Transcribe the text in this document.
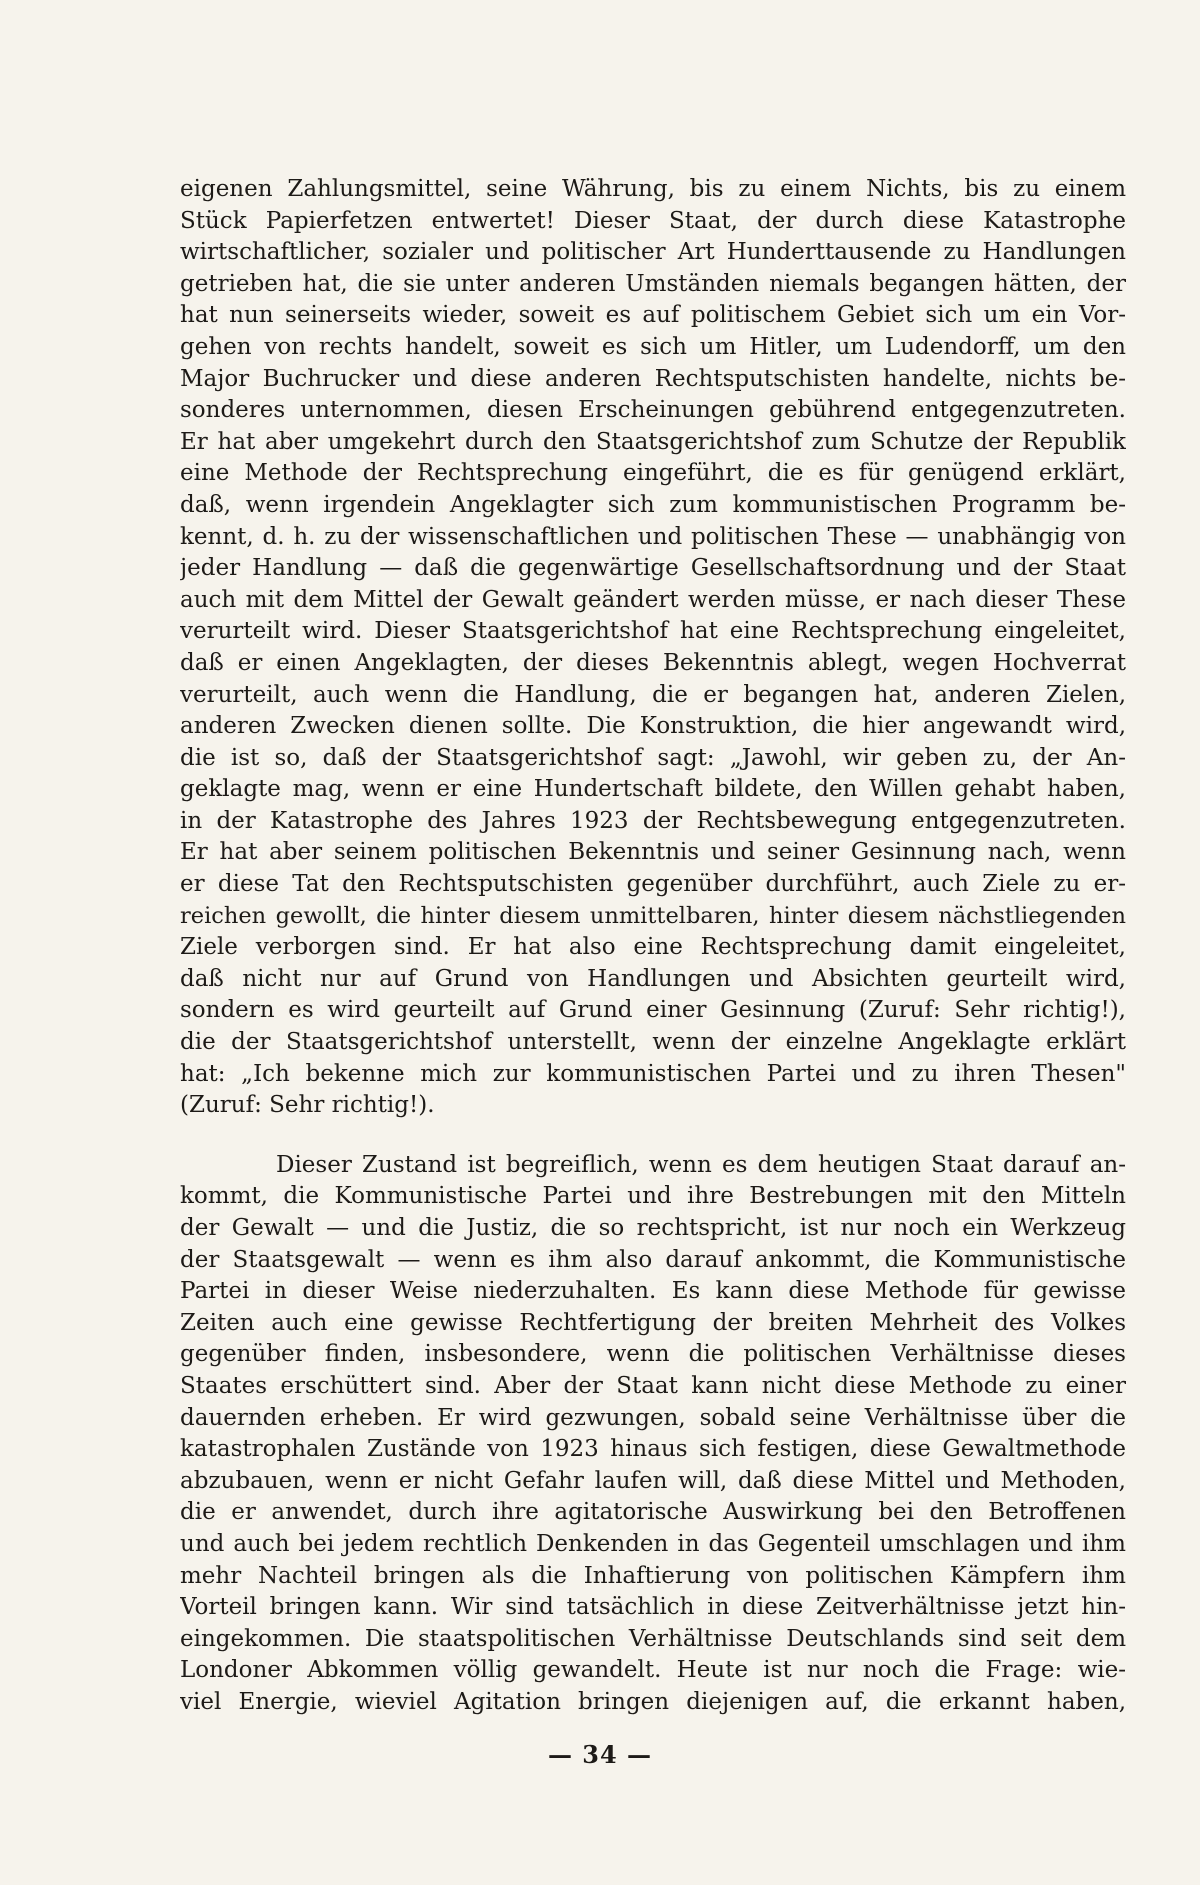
eigenen Zahlungsmittel, seine Währung, bis zu einem Nichts, bis zu einem
Stück Papierfetzen entwertet! Dieser Staat, der durch diese Katastrophe
wirtschaftlicher, sozialer und politischer Art Hunderttausende zu Handlungen
getrieben hat, die sie unter anderen Umständen niemals begangen hätten, der
hat nun seinerseits wieder, soweit es auf politischem Gebiet sich um ein Vor-
gehen von rechts handelt, soweit es sich um Hitler, um Ludendorff, um den
Major Buchrucker und diese anderen Rechtsputschisten handelte, nichts be-
sonderes unternommen, diesen Erscheinungen gebührend entgegenzutreten.
Er hat aber umgekehrt durch den Staatsgerichtshof zum Schutze der Republik
eine Methode der Rechtsprechung eingeführt, die es für genügend erklärt,
daß, wenn irgendein Angeklagter sich zum kommunistischen Programm be-
kennt, d. h. zu der wissenschaftlichen und politischen These — unabhängig von
jeder Handlung — daß die gegenwärtige Gesellschaftsordnung und der Staat
auch mit dem Mittel der Gewalt geändert werden müsse, er nach dieser These
verurteilt wird. Dieser Staatsgerichtshof hat eine Rechtsprechung eingeleitet,
daß er einen Angeklagten, der dieses Bekenntnis ablegt, wegen Hochverrat
verurteilt, auch wenn die Handlung, die er begangen hat, anderen Zielen,
anderen Zwecken dienen sollte. Die Konstruktion, die hier angewandt wird,
die ist so, daß der Staatsgerichtshof sagt: „Jawohl, wir geben zu, der An-
geklagte mag, wenn er eine Hundertschaft bildete, den Willen gehabt haben,
in der Katastrophe des Jahres 1923 der Rechtsbewegung entgegenzutreten.
Er hat aber seinem politischen Bekenntnis und seiner Gesinnung nach, wenn
er diese Tat den Rechtsputschisten gegenüber durchführt, auch Ziele zu er-
reichen gewollt, die hinter diesem unmittelbaren, hinter diesem nächstliegenden
Ziele verborgen sind. Er hat also eine Rechtsprechung damit eingeleitet,
daß nicht nur auf Grund von Handlungen und Absichten geurteilt wird,
sondern es wird geurteilt auf Grund einer Gesinnung (Zuruf: Sehr richtig!),
die der Staatsgerichtshof unterstellt, wenn der einzelne Angeklagte erklärt
hat: „Ich bekenne mich zur kommunistischen Partei und zu ihren Thesen"
(Zuruf: Sehr richtig!).
Dieser Zustand ist begreiflich, wenn es dem heutigen Staat darauf an-
kommt, die Kommunistische Partei und ihre Bestrebungen mit den Mitteln
der Gewalt — und die Justiz, die so rechtspricht, ist nur noch ein Werkzeug
der Staatsgewalt — wenn es ihm also darauf ankommt, die Kommunistische
Partei in dieser Weise niederzuhalten. Es kann diese Methode für gewisse
Zeiten auch eine gewisse Rechtfertigung der breiten Mehrheit des Volkes
gegenüber finden, insbesondere, wenn die politischen Verhältnisse dieses
Staates erschüttert sind. Aber der Staat kann nicht diese Methode zu einer
dauernden erheben. Er wird gezwungen, sobald seine Verhältnisse über die
katastrophalen Zustände von 1923 hinaus sich festigen, diese Gewaltmethode
abzubauen, wenn er nicht Gefahr laufen will, daß diese Mittel und Methoden,
die er anwendet, durch ihre agitatorische Auswirkung bei den Betroffenen
und auch bei jedem rechtlich Denkenden in das Gegenteil umschlagen und ihm
mehr Nachteil bringen als die Inhaftierung von politischen Kämpfern ihm
Vorteil bringen kann. Wir sind tatsächlich in diese Zeitverhältnisse jetzt hin-
eingekommen. Die staatspolitischen Verhältnisse Deutschlands sind seit dem
Londoner Abkommen völlig gewandelt. Heute ist nur noch die Frage: wie-
viel Energie, wieviel Agitation bringen diejenigen auf, die erkannt haben,
— 34 —
